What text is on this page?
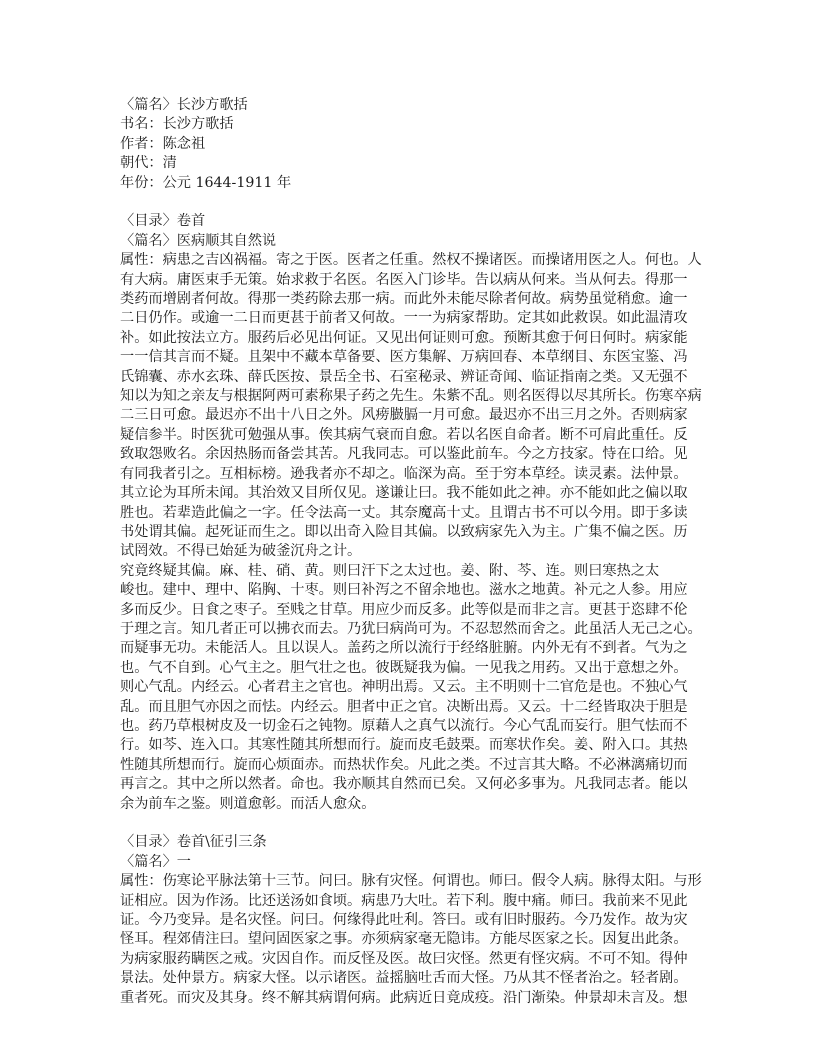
〈篇名〉长沙方歌括

书名：长沙方歌括

作者：陈念祖

朝代：清

年份：公元 1644-1911 年

〈目录〉卷首

〈篇名〉医病顺其自然说

属性：病患之吉凶祸福。寄之于医。医者之任重。然权不操诸医。而操诸用医之人。何也。人

有大病。庸医束手无策。始求救于名医。名医入门诊毕。告以病从何来。当从何去。得那一

类药而增剧者何故。得那一类药除去那一病。而此外未能尽除者何故。病势虽觉稍愈。逾一

二日仍作。或逾一二日而更甚于前者又何故。一一为病家帮助。定其如此救误。如此温清攻

补。如此按法立方。服药后必见出何证。又见出何证则可愈。预断其愈于何日何时。病家能

一一信其言而不疑。且架中不藏本草备要、医方集解、万病回春、本草纲目、东医宝鉴、冯

氏锦囊、赤水玄珠、薛氏医按、景岳全书、石室秘录、辨证奇闻、临证指南之类。又无强不

知以为知之亲友与根据阿两可素称果子药之先生。朱紫不乱。则名医得以尽其所长。伤寒卒病

二三日可愈。最迟亦不出十八日之外。风痨臌膈一月可愈。最迟亦不出三月之外。否则病家

疑信参半。时医犹可勉强从事。俟其病气衰而自愈。若以名医自命者。断不可肩此重任。反

致取怨败名。余因热肠而备尝其苦。凡我同志。可以鉴此前车。今之方技家。恃在口给。见

有同我者引之。互相标榜。逊我者亦不却之。临深为高。至于穷本草经。读灵素。法仲景。

其立论为耳所未闻。其治效又目所仅见。遂谦让曰。我不能如此之神。亦不能如此之偏以取

胜也。若辈造此偏之一字。任令法高一丈。其奈魔高十丈。且谓古书不可以今用。即于多读

书处谓其偏。起死证而生之。即以出奇入险目其偏。以致病家先入为主。广集不偏之医。历

试罔效。不得已始延为破釜沉舟之计。

究竟终疑其偏。麻、桂、硝、黄。则曰汗下之太过也。姜、附、芩、连。则曰寒热之太

峻也。建中、理中、陷胸、十枣。则曰补泻之不留余地也。滋水之地黄。补元之人参。用应

多而反少。日食之枣子。至贱之甘草。用应少而反多。此等似是而非之言。更甚于恣肆不伦

于理之言。知几者正可以拂衣而去。乃犹曰病尚可为。不忍恝然而舍之。此虽活人无己之心。

而疑事无功。未能活人。且以误人。盖药之所以流行于经络脏腑。内外无有不到者。气为之

也。气不自到。心气主之。胆气壮之也。彼既疑我为偏。一见我之用药。又出于意想之外。

则心气乱。内经云。心者君主之官也。神明出焉。又云。主不明则十二官危是也。不独心气

乱。而且胆气亦因之而怯。内经云。胆者中正之官。决断出焉。又云。十二经皆取决于胆是

也。药乃草根树皮及一切金石之钝物。原藉人之真气以流行。今心气乱而妄行。胆气怯而不

行。如芩、连入口。其寒性随其所想而行。旋而皮毛鼓栗。而寒状作矣。姜、附入口。其热

性随其所想而行。旋而心烦面赤。而热状作矣。凡此之类。不过言其大略。不必淋漓痛切而

再言之。其中之所以然者。命也。我亦顺其自然而已矣。又何必多事为。凡我同志者。能以

余为前车之鉴。则道愈彰。而活人愈众。

〈目录〉卷首\征引三条

〈篇名〉一

属性：伤寒论平脉法第十三节。问曰。脉有灾怪。何谓也。师曰。假令人病。脉得太阳。与形

证相应。因为作汤。比还送汤如食顷。病患乃大吐。若下利。腹中痛。师曰。我前来不见此

证。今乃变异。是名灾怪。问曰。何缘得此吐利。答曰。或有旧时服药。今乃发作。故为灾

怪耳。程郊倩注曰。望问固医家之事。亦须病家毫无隐讳。方能尽医家之长。因复出此条。

为病家服药瞒医之戒。灾因自作。而反怪及医。故曰灾怪。然更有怪灾病。不可不知。得仲

景法。处仲景方。病家大怪。以示诸医。益摇脑吐舌而大怪。乃从其不怪者治之。轻者剧。

重者死。而灾及其身。终不解其病谓何病。此病近日竟成疫。沿门渐染。仲景却未言及。想
